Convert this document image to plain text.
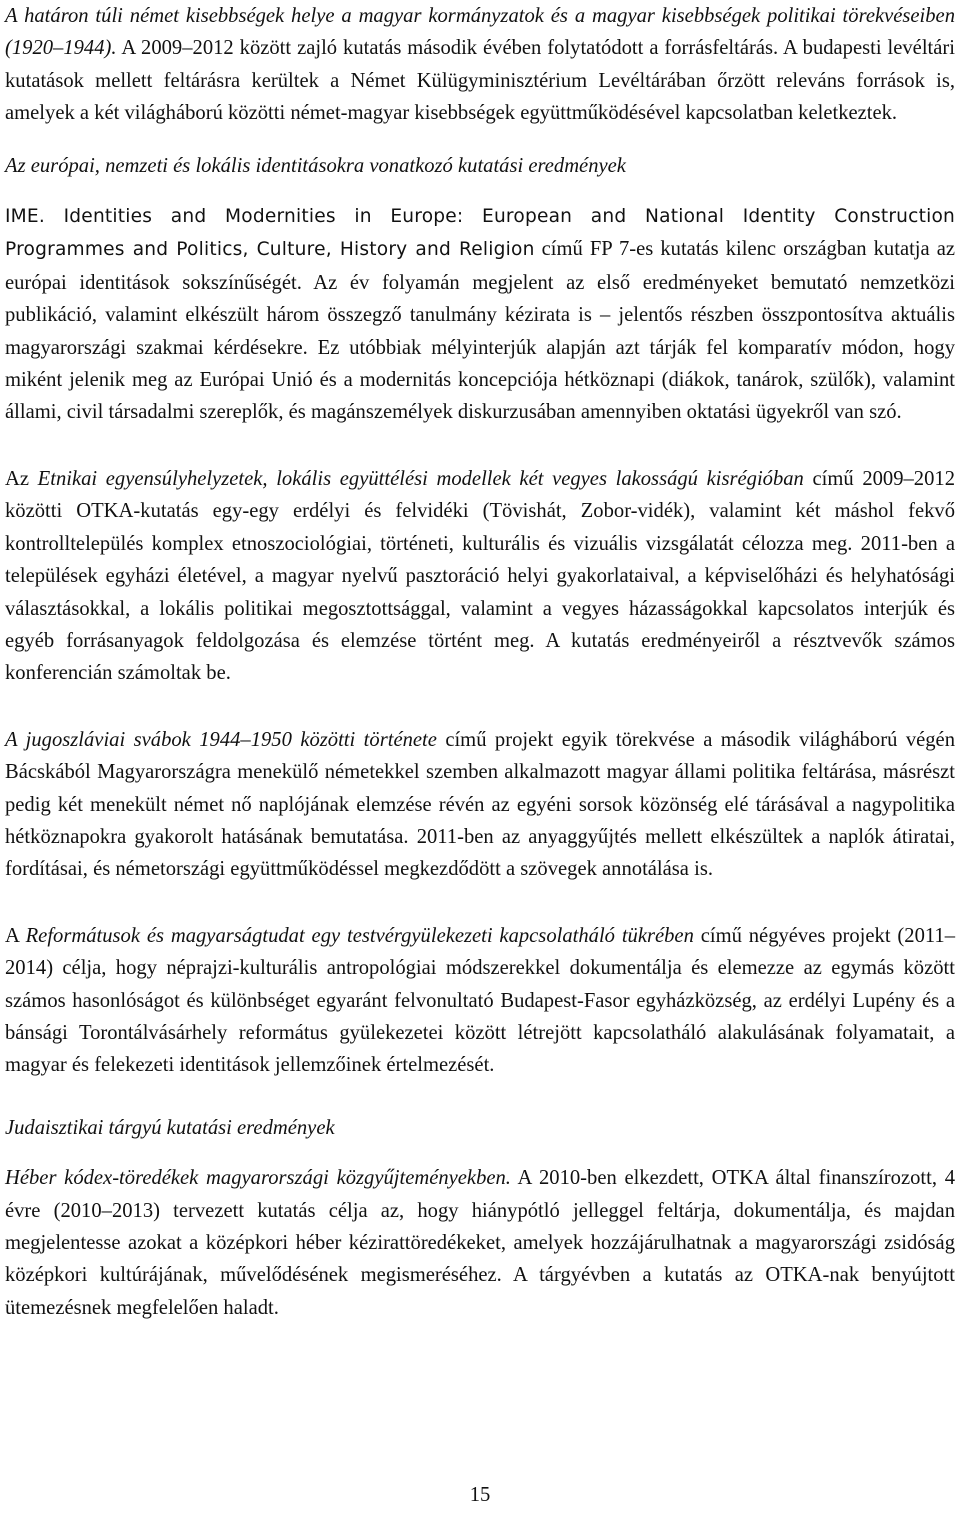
A határon túli német kisebbségek helye a magyar kormányzatok és a magyar kisebbségek politikai törekvéseiben (1920–1944). A 2009–2012 között zajló kutatás második évében folytatódott a forrásfeltárás. A budapesti levéltári kutatások mellett feltárásra kerültek a Német Külügyminisztérium Levéltárában őrzött releváns források is, amelyek a két világháború közötti német-magyar kisebbségek együttműködésével kapcsolatban keletkeztek.

Az európai, nemzeti és lokális identitásokra vonatkozó kutatási eredmények

IME. Identities and Modernities in Europe: European and National Identity Construction Programmes and Politics, Culture, History and Religion című FP 7-es kutatás kilenc országban kutatja az európai identitások sokszínűségét. Az év folyamán megjelent az első eredményeket bemutató nemzetközi publikáció, valamint elkészült három összegző tanulmány kézirata is – jelentős részben összpontosítva aktuális magyarországi szakmai kérdésekre. Ez utóbbiak mélyinterjúk alapján azt tárják fel komparatív módon, hogy miként jelenik meg az Európai Unió és a modernitás koncepciója hétköznapi (diákok, tanárok, szülők), valamint állami, civil társadalmi szereplők, és magánszemélyek diskurzusában amennyiben oktatási ügyekről van szó.

Az Etnikai egyensúlyhelyzetek, lokális együttélési modellek két vegyes lakosságú kisrégióban című 2009–2012 közötti OTKA-kutatás egy-egy erdélyi és felvidéki (Tövishát, Zobor-vidék), valamint két máshol fekvő kontrolltelepülés komplex etnoszociológiai, történeti, kulturális és vizuális vizsgálatát célozza meg. 2011-ben a települések egyházi életével, a magyar nyelvű pasztoráció helyi gyakorlataival, a képviselőházi és helyhatósági választásokkal, a lokális politikai megosztottsággal, valamint a vegyes házasságokkal kapcsolatos interjúk és egyéb forrásanyagok feldolgozása és elemzése történt meg. A kutatás eredményeiről a résztvevők számos konferencián számoltak be.

A jugoszláviai svábok 1944–1950 közötti története című projekt egyik törekvése a második világháború végén Bácskából Magyarországra menekülő németekkel szemben alkalmazott magyar állami politika feltárása, másrészt pedig két menekült német nő naplójának elemzése révén az egyéni sorsok közönség elé tárásával a nagypolitika hétköznapokra gyakorolt hatásának bemutatása. 2011-ben az anyaggyűjtés mellett elkészültek a naplók átiratai, fordításai, és németországi együttműködéssel megkezdődött a szövegek annotálása is.

A Reformátusok és magyarságtudat egy testvérgyülekezeti kapcsolatháló tükrében című négyéves projekt (2011–2014) célja, hogy néprajzi-kulturális antropológiai módszerekkel dokumentálja és elemezze az egymás között számos hasonlóságot és különbséget egyaránt felvonultató Budapest-Fasor egyházközség, az erdélyi Lupény és a bánsági Torontálvásárhely református gyülekezetei között létrejött kapcsolatháló alakulásának folyamatait, a magyar és felekezeti identitások jellemzőinek értelmezését.

Judaisztikai tárgyú kutatási eredmények

Héber kódex-töredékek magyarországi közgyűjteményekben. A 2010-ben elkezdett, OTKA által finanszírozott, 4 évre (2010–2013) tervezett kutatás célja az, hogy hiánypótló jelleggel feltárja, dokumentálja, és majdan megjelentesse azokat a középkori héber kézirattöredékeket, amelyek hozzájárulhatnak a magyarországi zsidóság középkori kultúrájának, művelődésének megismeréséhez. A tárgyévben a kutatás az OTKA-nak benyújtott ütemezésnek megfelelően haladt.

15
